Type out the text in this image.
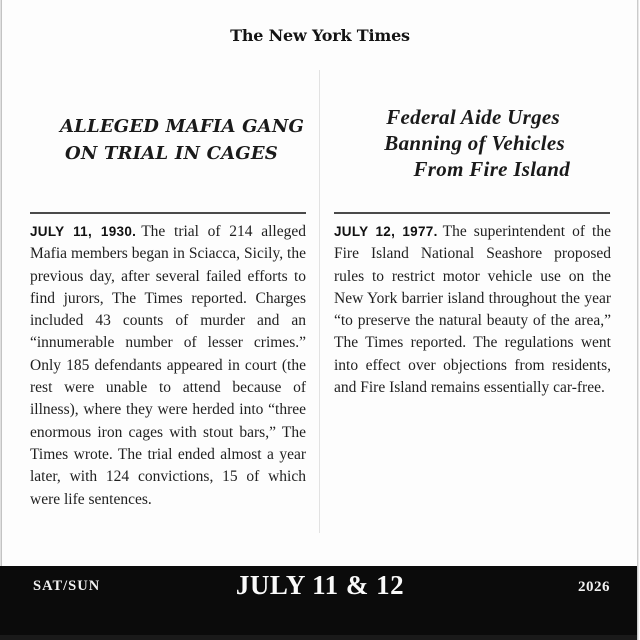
The New York Times
ALLEGED MAFIA GANG
ON TRIAL IN CAGES
Federal Aide Urges
Banning of Vehicles
From Fire Island
JULY 11, 1930. The trial of 214 alleged Mafia members began in Sciacca, Sicily, the previous day, after several failed efforts to find jurors, The Times reported. Charges included 43 counts of murder and an “innumerable number of lesser crimes.” Only 185 defendants appeared in court (the rest were unable to attend because of illness), where they were herded into “three enormous iron cages with stout bars,” The Times wrote. The trial ended almost a year later, with 124 convictions, 15 of which were life sentences.
JULY 12, 1977. The superintendent of the Fire Island National Seashore proposed rules to restrict motor vehicle use on the New York barrier island throughout the year “to preserve the natural beauty of the area,” The Times reported. The regulations went into effect over objections from residents, and Fire Island remains essentially car-free.
SAT/SUN	JULY 11 & 12	2026
